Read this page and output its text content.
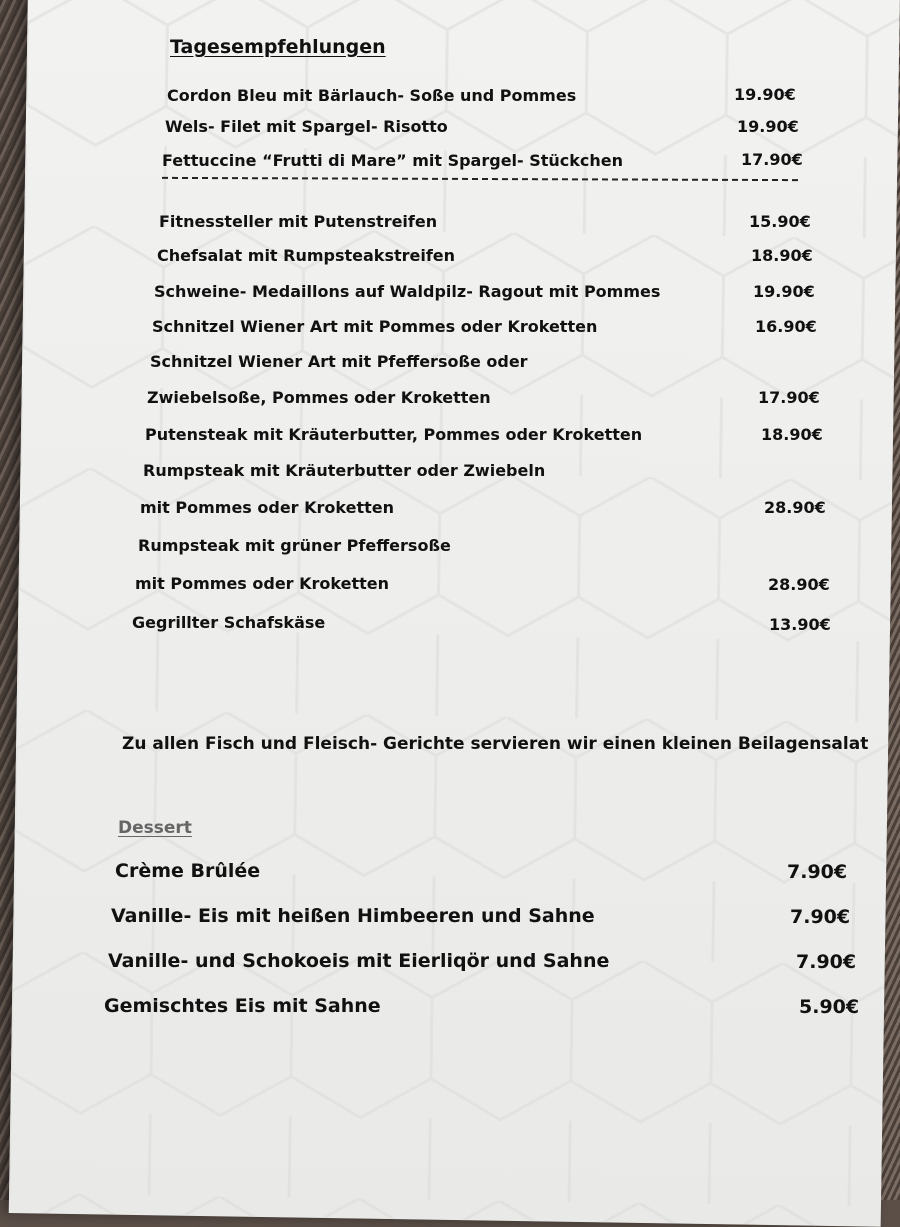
Tagesempfehlungen
Cordon Bleu mit Bärlauch- Soße und Pommes	19.90€
Wels- Filet mit Spargel- Risotto	19.90€
Fettuccine “Frutti di Mare” mit Spargel- Stückchen	17.90€
Fitnessteller mit Putenstreifen	15.90€
Chefsalat mit Rumpsteakstreifen	18.90€
Schweine- Medaillons auf Waldpilz- Ragout mit Pommes	19.90€
Schnitzel Wiener Art mit Pommes oder Kroketten	16.90€
Schnitzel Wiener Art mit Pfeffersoße oder
Zwiebelsoße, Pommes oder Kroketten	17.90€
Putensteak mit Kräuterbutter, Pommes oder Kroketten	18.90€
Rumpsteak mit Kräuterbutter oder Zwiebeln
mit Pommes oder Kroketten	28.90€
Rumpsteak mit grüner Pfeffersoße
mit Pommes oder Kroketten	28.90€
Gegrillter Schafskäse	13.90€
Zu allen Fisch und Fleisch- Gerichte servieren wir einen kleinen Beilagensalat
Dessert
Crème Brûlée	7.90€
Vanille- Eis mit heißen Himbeeren und Sahne	7.90€
Vanille- und Schokoeis mit Eierliqör und Sahne	7.90€
Gemischtes Eis mit Sahne	5.90€
